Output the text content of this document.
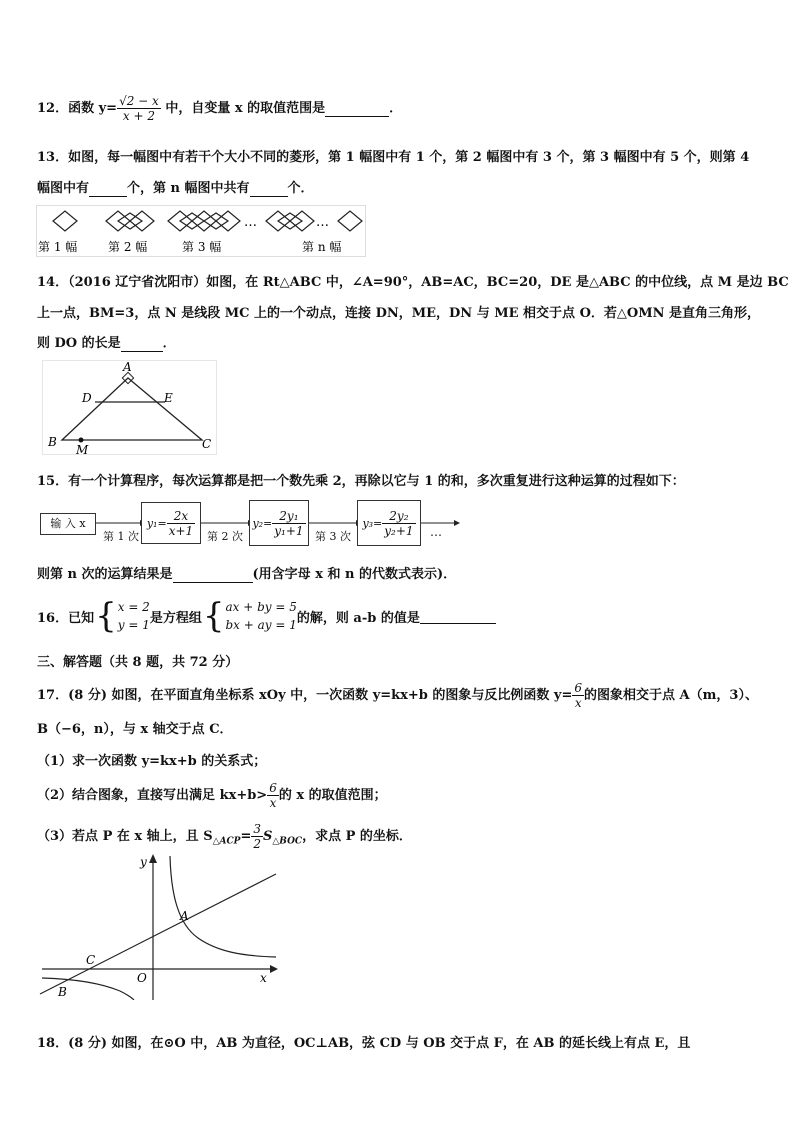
12．函数 $y= \frac{√2 - x}{x + 2}$ 中，自变量 x 的取值范围是	．
13．如图，每一幅图中有若干个大小不同的菱形，第 1 幅图中有 1 个，第 2 幅图中有 3 个，第 3 幅图中有 5 个，则第 4
幅图中有	个，第 n 幅图中共有	个．
…	…
第 1 幅	第 2 幅	第 3 幅	第 n 幅
14．（2016 辽宁省沈阳市）如图，在 Rt△ABC 中，∠A=90°，AB=AC，BC=20，DE 是△ABC 的中位线，点 M 是边 BC
上一点，BM=3，点 N 是线段 MC 上的一个动点，连接 DN，ME，DN 与 ME 相交于点 O．若△OMN 是直角三角形，
则 DO 的长是	．
A
D	E
B	C
M
15．有一个计算程序，每次运算都是把一个数先乘 2，再除以它与 1 的和，多次重复进行这种运算的过程如下：
输 入 x
第 1 次	第 2 次	第 3 次
$y_1= \frac{2x}{x+1}$	$y_2= \frac{\text{2y₁}}{\text{y₁+1}}$	$y_3= \frac{\text{2y₂}}{\text{y₂+1}}$ …
则第 n 次的运算结果是	(用含字母 x 和 n 的代数式表示)．
16．已知 { x = 2
y = 1 是方程组 { ax + by = 5
bx + ay = 1 的解，则 a-b 的值是

三、解答题（共 8 题，共 72 分）
17．(8 分) 如图，在平面直角坐标系 xOy 中，一次函数 y=kx+b 的图象与反比例函数 $y= \frac{6}{x}$ 的图象相交于点 A（m，3）、
B（−6，n），与 x 轴交于点 C．
（1）求一次函数 y=kx+b 的关系式；
（2）结合图象，直接写出满足 $kx+b> \frac{6}{x}$ 的 x 的取值范围；
（3）若点 P 在 x 轴上，且 $S_{\triangle ACP}= \frac{3}{2} S_{\triangle BOC}$，求点 P 的坐标．
y
x
O
A
B
C
18．(8 分) 如图，在⊙O 中，AB 为直径，OC⊥AB，弦 CD 与 OB 交于点 F，在 AB 的延长线上有点 E，且
